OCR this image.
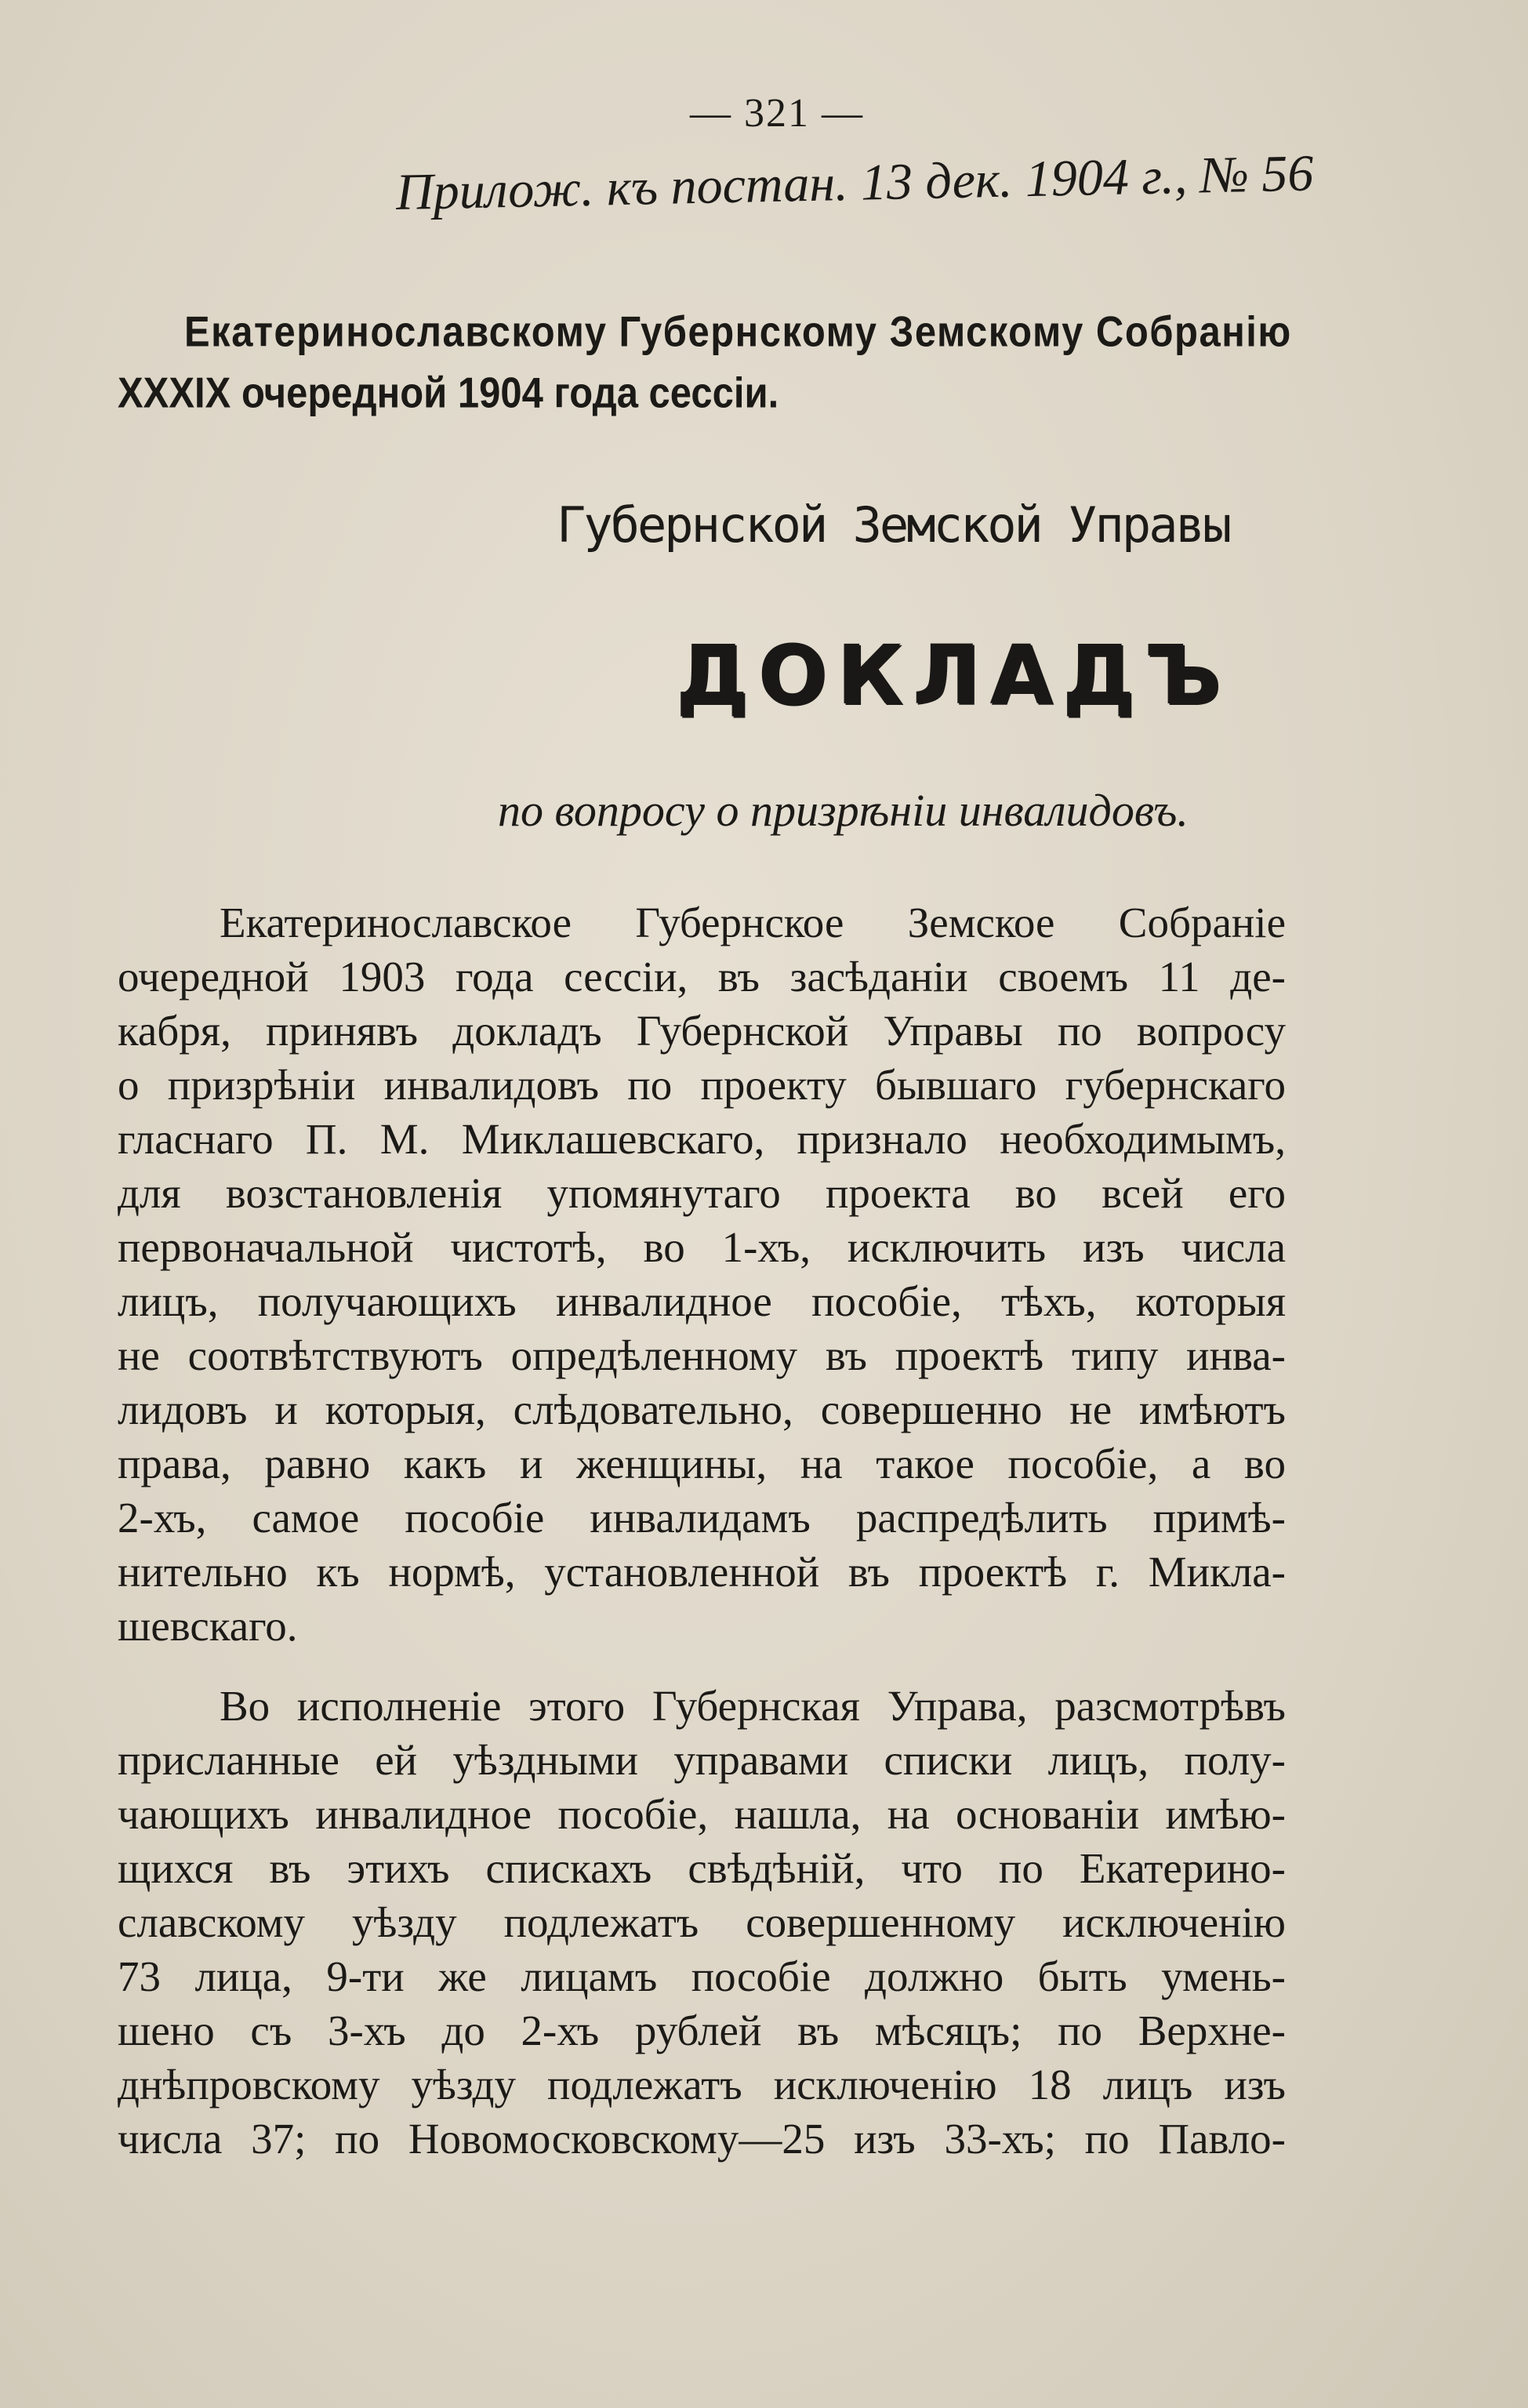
— 321 —
Прилож. къ постан. 13 дек. 1904 г., № 56
Екатеринославскому Губернскому Земскому Собранію
XXXIX очередной 1904 года сессіи.
Губернской Земской Управы
ДОКЛАДЪ
по вопросу о призрѣніи инвалидовъ.
Екатеринославское Губернское Земское Собраніе
очередной 1903 года сессіи, въ засѣданіи своемъ 11 де-
кабря, принявъ докладъ Губернской Управы по вопросу
о призрѣніи инвалидовъ по проекту бывшаго губернскаго
гласнаго П. М. Миклашевскаго, признало необходимымъ,
для возстановленія упомянутаго проекта во всей его
первоначальной чистотѣ, во 1-хъ, исключить изъ числа
лицъ, получающихъ инвалидное пособіе, тѣхъ, которыя
не соотвѣтствуютъ опредѣленному въ проектѣ типу инва-
лидовъ и которыя, слѣдовательно, совершенно не имѣютъ
права, равно какъ и женщины, на такое пособіе, а во
2-хъ, самое пособіе инвалидамъ распредѣлить примѣ-
нительно къ нормѣ, установленной въ проектѣ г. Микла-
шевскаго.
Во исполненіе этого Губернская Управа, разсмотрѣвъ
присланные ей уѣздными управами списки лицъ, полу-
чающихъ инвалидное пособіе, нашла, на основаніи имѣю-
щихся въ этихъ спискахъ свѣдѣній, что по Екатерино-
славскому уѣзду подлежатъ совершенному исключенію
73 лица, 9-ти же лицамъ пособіе должно быть умень-
шено съ 3-хъ до 2-хъ рублей въ мѣсяцъ; по Верхне-
днѣпровскому уѣзду подлежатъ исключенію 18 лицъ изъ
числа 37; по Новомосковскому—25 изъ 33-хъ; по Павло-
